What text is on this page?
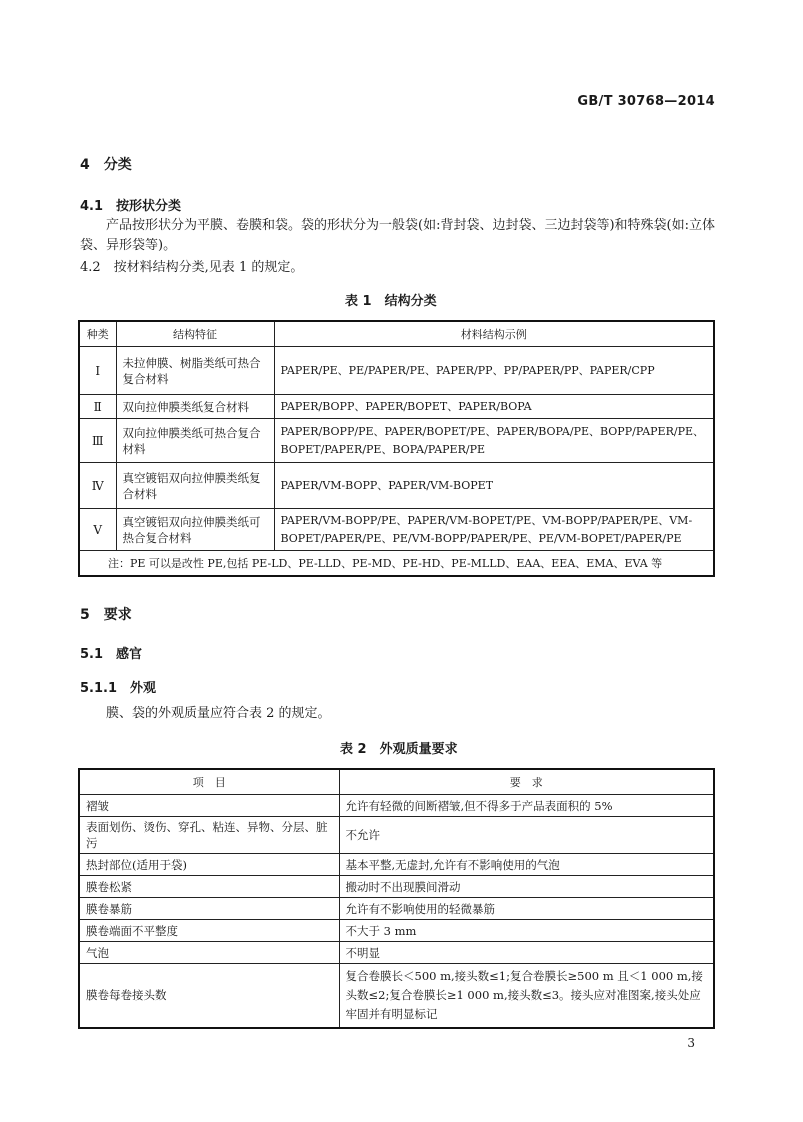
GB/T 30768—2014
4　分类
4.1　按形状分类
　　产品按形状分为平膜、卷膜和袋。袋的形状分为一般袋(如:背封袋、边封袋、三边封袋等)和特殊袋(如:立体袋、异形袋等)。
4.2　按材料结构分类,见表 1 的规定。
表 1　结构分类
种类	结构特征	材料结构示例
Ⅰ	未拉伸膜、树脂类纸可热合复合材料	PAPER/PE、PE/PAPER/PE、PAPER/PP、PP/PAPER/PP、PAPER/CPP
Ⅱ	双向拉伸膜类纸复合材料	PAPER/BOPP、PAPER/BOPET、PAPER/BOPA
Ⅲ	双向拉伸膜类纸可热合复合材料	PAPER/BOPP/PE、PAPER/BOPET/PE、PAPER/BOPA/PE、BOPP/PAPER/PE、BOPET/PAPER/PE、BOPA/PAPER/PE
Ⅳ	真空镀铝双向拉伸膜类纸复合材料	PAPER/VM-BOPP、PAPER/VM-BOPET
Ⅴ	真空镀铝双向拉伸膜类纸可热合复合材料	PAPER/VM-BOPP/PE、PAPER/VM-BOPET/PE、VM-BOPP/PAPER/PE、VM-BOPET/PAPER/PE、PE/VM-BOPP/PAPER/PE、PE/VM-BOPET/PAPER/PE
注：PE 可以是改性 PE,包括 PE-LD、PE-LLD、PE-MD、PE-HD、PE-MLLD、EAA、EEA、EMA、EVA 等		
5　要求
5.1　感官
5.1.1　外观
　　膜、袋的外观质量应符合表 2 的规定。
表 2　外观质量要求
项　目	要　求
褶皱	允许有轻微的间断褶皱,但不得多于产品表面积的 5%
表面划伤、烫伤、穿孔、粘连、异物、分层、脏污	不允许
热封部位(适用于袋)	基本平整,无虚封,允许有不影响使用的气泡
膜卷松紧	搬动时不出现膜间滑动
膜卷暴筋	允许有不影响使用的轻微暴筋
膜卷端面不平整度	不大于 3 mm
气泡	不明显
膜卷每卷接头数	复合卷膜长＜500 m,接头数≤1;复合卷膜长≥500 m 且＜1 000 m,接头数≤2;复合卷膜长≥1 000 m,接头数≤3。接头应对准图案,接头处应牢固并有明显标记
3
